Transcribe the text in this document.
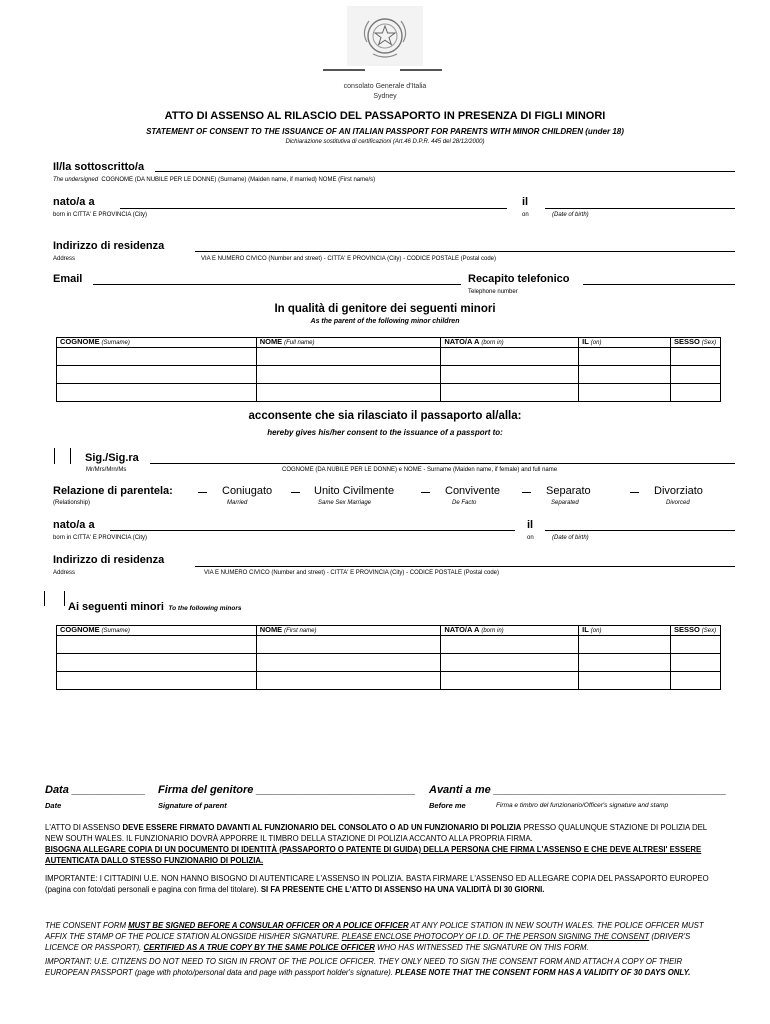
consolato Generale d'Italia
Sydney
ATTO DI ASSENSO AL RILASCIO DEL PASSAPORTO IN PRESENZA DI FIGLI MINORI
STATEMENT OF CONSENT TO THE ISSUANCE OF AN ITALIAN PASSPORT FOR PARENTS WITH MINOR CHILDREN (under 18)
Dichiarazione sostitutiva di certificazioni (Art.46 D.P.R. 445 del 28/12/2000)
Il/la sottoscritto/a
The undersigned COGNOME (DA NUBILE PER LE DONNE) (Surname) (Maiden name, if married) NOME (First name/s)
nato/a a	il
born in CITTA' E PROVINCIA (City)	on	(Date of birth)
Indirizzo di residenza
Address	VIA E NUMERO CIVICO (Number and street) - CITTA' E PROVINCIA (City) - CODICE POSTALE (Postal code)
Email	Recapito telefonico
Telephone number
In qualità di genitore dei seguenti minori
As the parent of the following minor children
COGNOME (Surname)	NOME (Full name)	NATO/A A (born in)	IL (on)	SESSO (Sex)

acconsente che sia rilasciato il passaporto al/alla:
hereby gives his/her consent to the issuance of a passport to:
Sig./Sig.ra
Mr/Mrs/Mrn/Ms	COGNOME (DA NUBILE PER LE DONNE) e NOME - Surname (Maiden name, if female) and full name
Relazione di parentela:
(Relationship)
Coniugato
Married
Unito Civilmente
Same Sex Marriage
Convivente
De Facto
Separato
Separated
Divorziato
Divorced
nato/a a	il
born in CITTA' E PROVINCIA (City)	on	(Date of birth)
Indirizzo di residenza
Address	VIA E NUMERO CIVICO (Number and street) - CITTA' E PROVINCIA (City) - CODICE POSTALE (Postal code)
Ai seguenti minori To the following minors
COGNOME (Surname)	NOME (First name)	NATO/A A (born in)	IL (on)	SESSO (Sex)

Data ____________ Firma del genitore __________________________ Avanti a me ______________________________________
Date	Signature of parent	Before me	Firma e timbro del funzionario/Officer's signature and stamp
L'ATTO DI ASSENSO DEVE ESSERE FIRMATO DAVANTI AL FUNZIONARIO DEL CONSOLATO O AD UN FUNZIONARIO DI POLIZIA PRESSO QUALUNQUE STAZIONE DI POLIZIA DEL NEW SOUTH WALES. IL FUNZIONARIO DOVRÀ APPORRE IL TIMBRO DELLA STAZIONE DI POLIZIA ACCANTO ALLA PROPRIA FIRMA.
BISOGNA ALLEGARE COPIA DI UN DOCUMENTO DI IDENTITÀ (PASSAPORTO O PATENTE DI GUIDA) DELLA PERSONA CHE FIRMA L'ASSENSO E CHE DEVE ALTRESI' ESSERE AUTENTICATA DALLO STESSO FUNZIONARIO DI POLIZIA.
IMPORTANTE: I CITTADINI U.E. NON HANNO BISOGNO DI AUTENTICARE L'ASSENSO IN POLIZIA. BASTA FIRMARE L'ASSENSO ED ALLEGARE COPIA DEL PASSAPORTO EUROPEO (pagina con foto/dati personali e pagina con firma del titolare). SI FA PRESENTE CHE L'ATTO DI ASSENSO HA UNA VALIDITÀ DI 30 GIORNI.
THE CONSENT FORM MUST BE SIGNED BEFORE A CONSULAR OFFICER OR A POLICE OFFICER AT ANY POLICE STATION IN NEW SOUTH WALES. THE POLICE OFFICER MUST AFFIX THE STAMP OF THE POLICE STATION ALONGSIDE HIS/HER SIGNATURE. PLEASE ENCLOSE PHOTOCOPY OF I.D. OF THE PERSON SIGNING THE CONSENT (DRIVER'S LICENCE OR PASSPORT), CERTIFIED AS A TRUE COPY BY THE SAME POLICE OFFICER WHO HAS WITNESSED THE SIGNATURE ON THIS FORM.
IMPORTANT: U.E. CITIZENS DO NOT NEED TO SIGN IN FRONT OF THE POLICE OFFICER. THEY ONLY NEED TO SIGN THE CONSENT FORM AND ATTACH A COPY OF THEIR EUROPEAN PASSPORT (page with photo/personal data and page with passport holder's signature). PLEASE NOTE THAT THE CONSENT FORM HAS A VALIDITY OF 30 DAYS ONLY.
